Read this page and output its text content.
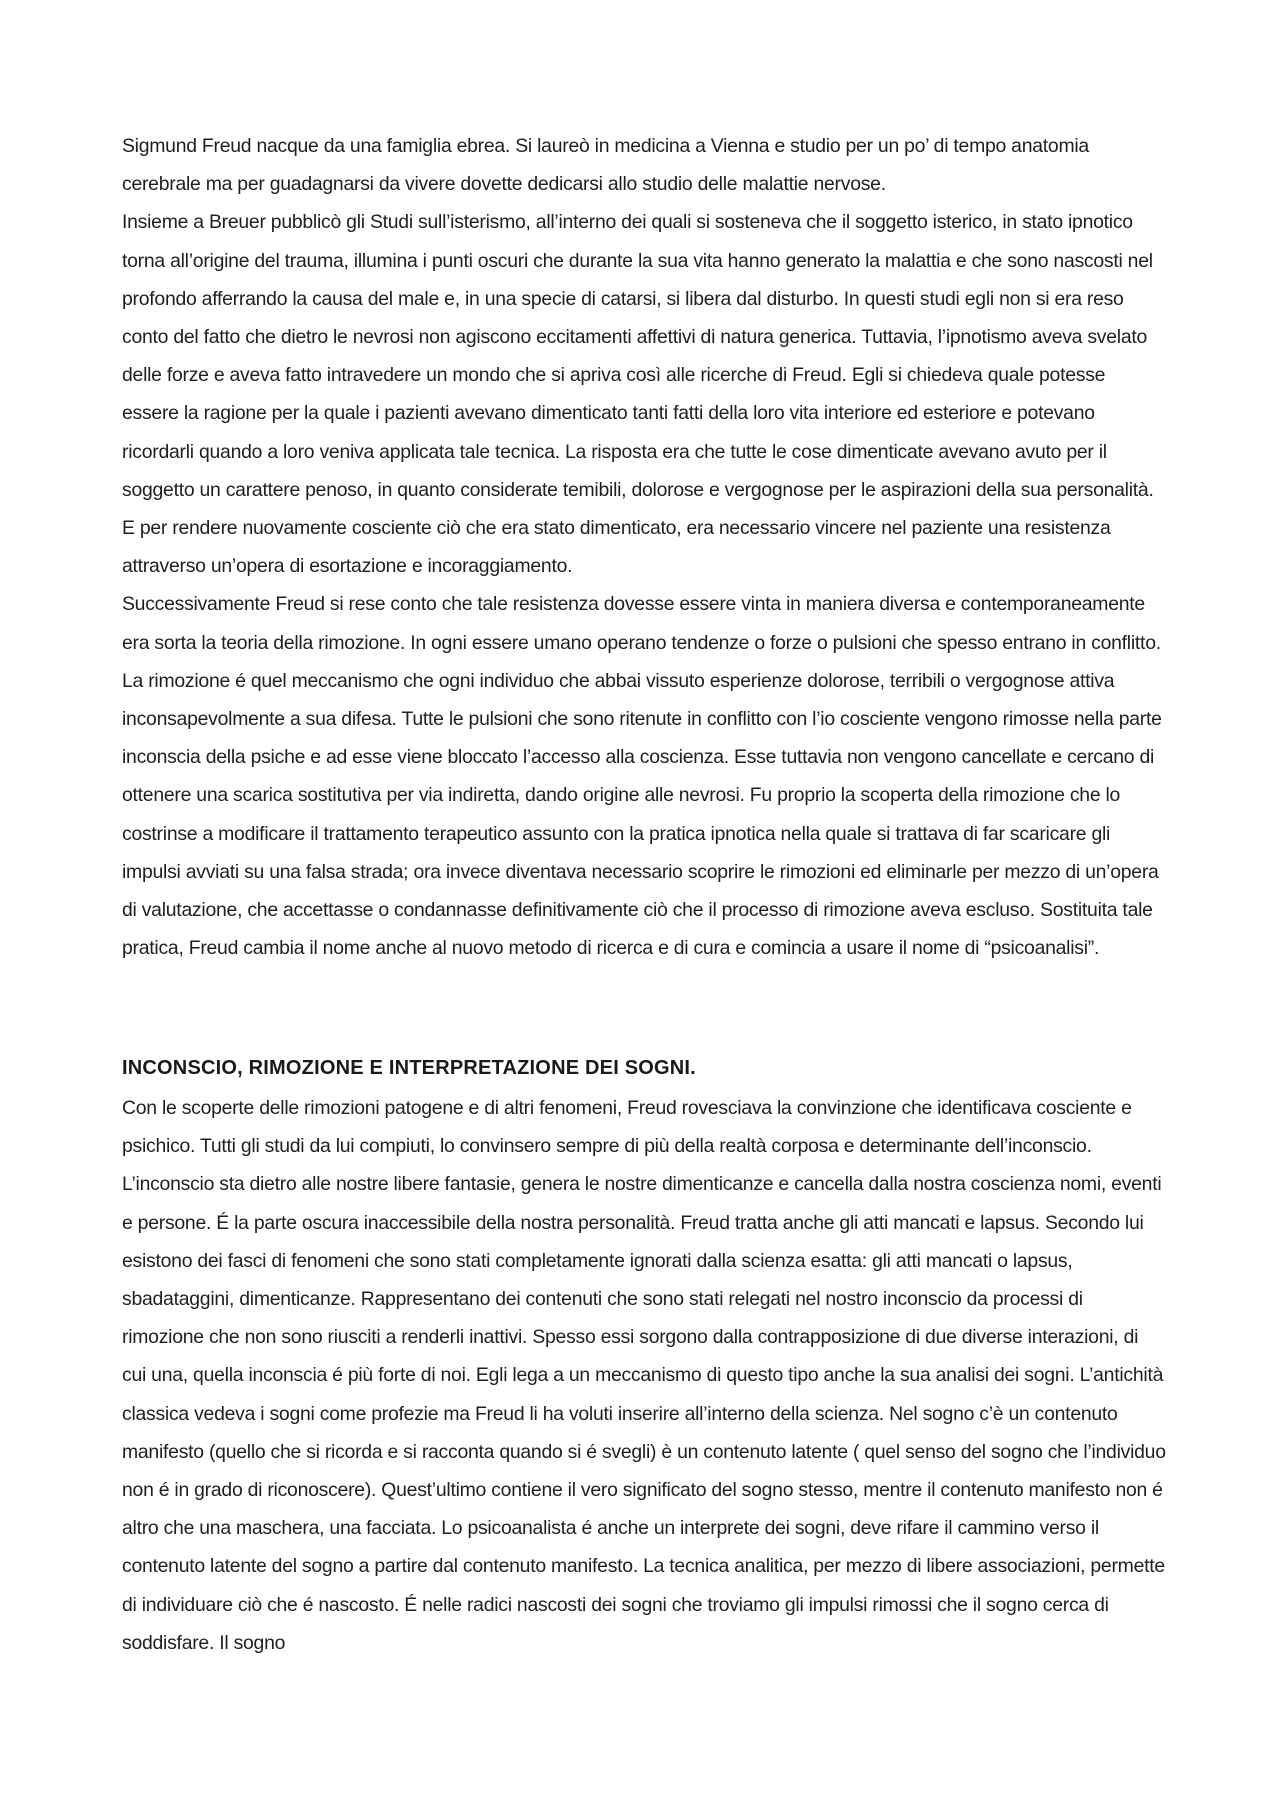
Sigmund Freud nacque da una famiglia ebrea. Si laureò in medicina a Vienna e studio per un po’ di tempo anatomia cerebrale ma per guadagnarsi da vivere dovette dedicarsi allo studio delle malattie nervose.

Insieme a Breuer pubblicò gli Studi sull’isterismo, all’interno dei quali si sosteneva che il soggetto isterico, in stato ipnotico torna all’origine del trauma, illumina i punti oscuri che durante la sua vita hanno generato la malattia e che sono nascosti nel profondo afferrando la causa del male e, in una specie di catarsi, si libera dal disturbo. In questi studi egli non si era reso conto del fatto che dietro le nevrosi non agiscono eccitamenti affettivi di natura generica. Tuttavia, l’ipnotismo aveva svelato delle forze e aveva fatto intravedere un mondo che si apriva così alle ricerche di Freud. Egli si chiedeva quale potesse essere la ragione per la quale i pazienti avevano dimenticato tanti fatti della loro vita interiore ed esteriore e potevano ricordarli quando a loro veniva applicata tale tecnica. La risposta era che tutte le cose dimenticate avevano avuto per il soggetto un carattere penoso, in quanto considerate temibili, dolorose e vergognose per le aspirazioni della sua personalità. E per rendere nuovamente cosciente ciò che era stato dimenticato, era necessario vincere nel paziente una resistenza attraverso un’opera di esortazione e incoraggiamento.

Successivamente Freud si rese conto che tale resistenza dovesse essere vinta in maniera diversa e contemporaneamente era sorta la teoria della rimozione. In ogni essere umano operano tendenze o forze o pulsioni che spesso entrano in conflitto. La rimozione é quel meccanismo che ogni individuo che abbai vissuto esperienze dolorose, terribili o vergognose attiva inconsapevolmente a sua difesa. Tutte le pulsioni che sono ritenute in conflitto con l’io cosciente vengono rimosse nella parte inconscia della psiche e ad esse viene bloccato l’accesso alla coscienza. Esse tuttavia non vengono cancellate e cercano di ottenere una scarica sostitutiva per via indiretta, dando origine alle nevrosi. Fu proprio la scoperta della rimozione che lo costrinse a modificare il trattamento terapeutico assunto con la pratica ipnotica nella quale si trattava di far scaricare gli impulsi avviati su una falsa strada; ora invece diventava necessario scoprire le rimozioni ed eliminarle per mezzo di un’opera di valutazione, che accettasse o condannasse definitivamente ciò che il processo di rimozione aveva escluso. Sostituita tale pratica, Freud cambia il nome anche al nuovo metodo di ricerca e di cura e comincia a usare il nome di “psicoanalisi”.

INCONSCIO, RIMOZIONE E INTERPRETAZIONE DEI SOGNI.

Con le scoperte delle rimozioni patogene e di altri fenomeni, Freud rovesciava la convinzione che identificava cosciente e psichico. Tutti gli studi da lui compiuti, lo convinsero sempre di più della realtà corposa e determinante dell’inconscio. L’inconscio sta dietro alle nostre libere fantasie, genera le nostre dimenticanze e cancella dalla nostra coscienza nomi, eventi e persone. É la parte oscura inaccessibile della nostra personalità. Freud tratta anche gli atti mancati e lapsus. Secondo lui esistono dei fasci di fenomeni che sono stati completamente ignorati dalla scienza esatta: gli atti mancati o lapsus, sbadataggini, dimenticanze. Rappresentano dei contenuti che sono stati relegati nel nostro inconscio da processi di rimozione che non sono riusciti a renderli inattivi. Spesso essi sorgono dalla contrapposizione di due diverse interazioni, di cui una, quella inconscia é più forte di noi. Egli lega a un meccanismo di questo tipo anche la sua analisi dei sogni. L’antichità classica vedeva i sogni come profezie ma Freud li ha voluti inserire all’interno della scienza. Nel sogno c’è un contenuto manifesto (quello che si ricorda e si racconta quando si é svegli) è un contenuto latente ( quel senso del sogno che l’individuo non é in grado di riconoscere). Quest’ultimo contiene il vero significato del sogno stesso, mentre il contenuto manifesto non é altro che una maschera, una facciata. Lo psicoanalista é anche un interprete dei sogni, deve rifare il cammino verso il contenuto latente del sogno a partire dal contenuto manifesto. La tecnica analitica, per mezzo di libere associazioni, permette di individuare ciò che é nascosto. É nelle radici nascosti dei sogni che troviamo gli impulsi rimossi che il sogno cerca di soddisfare. Il sogno
